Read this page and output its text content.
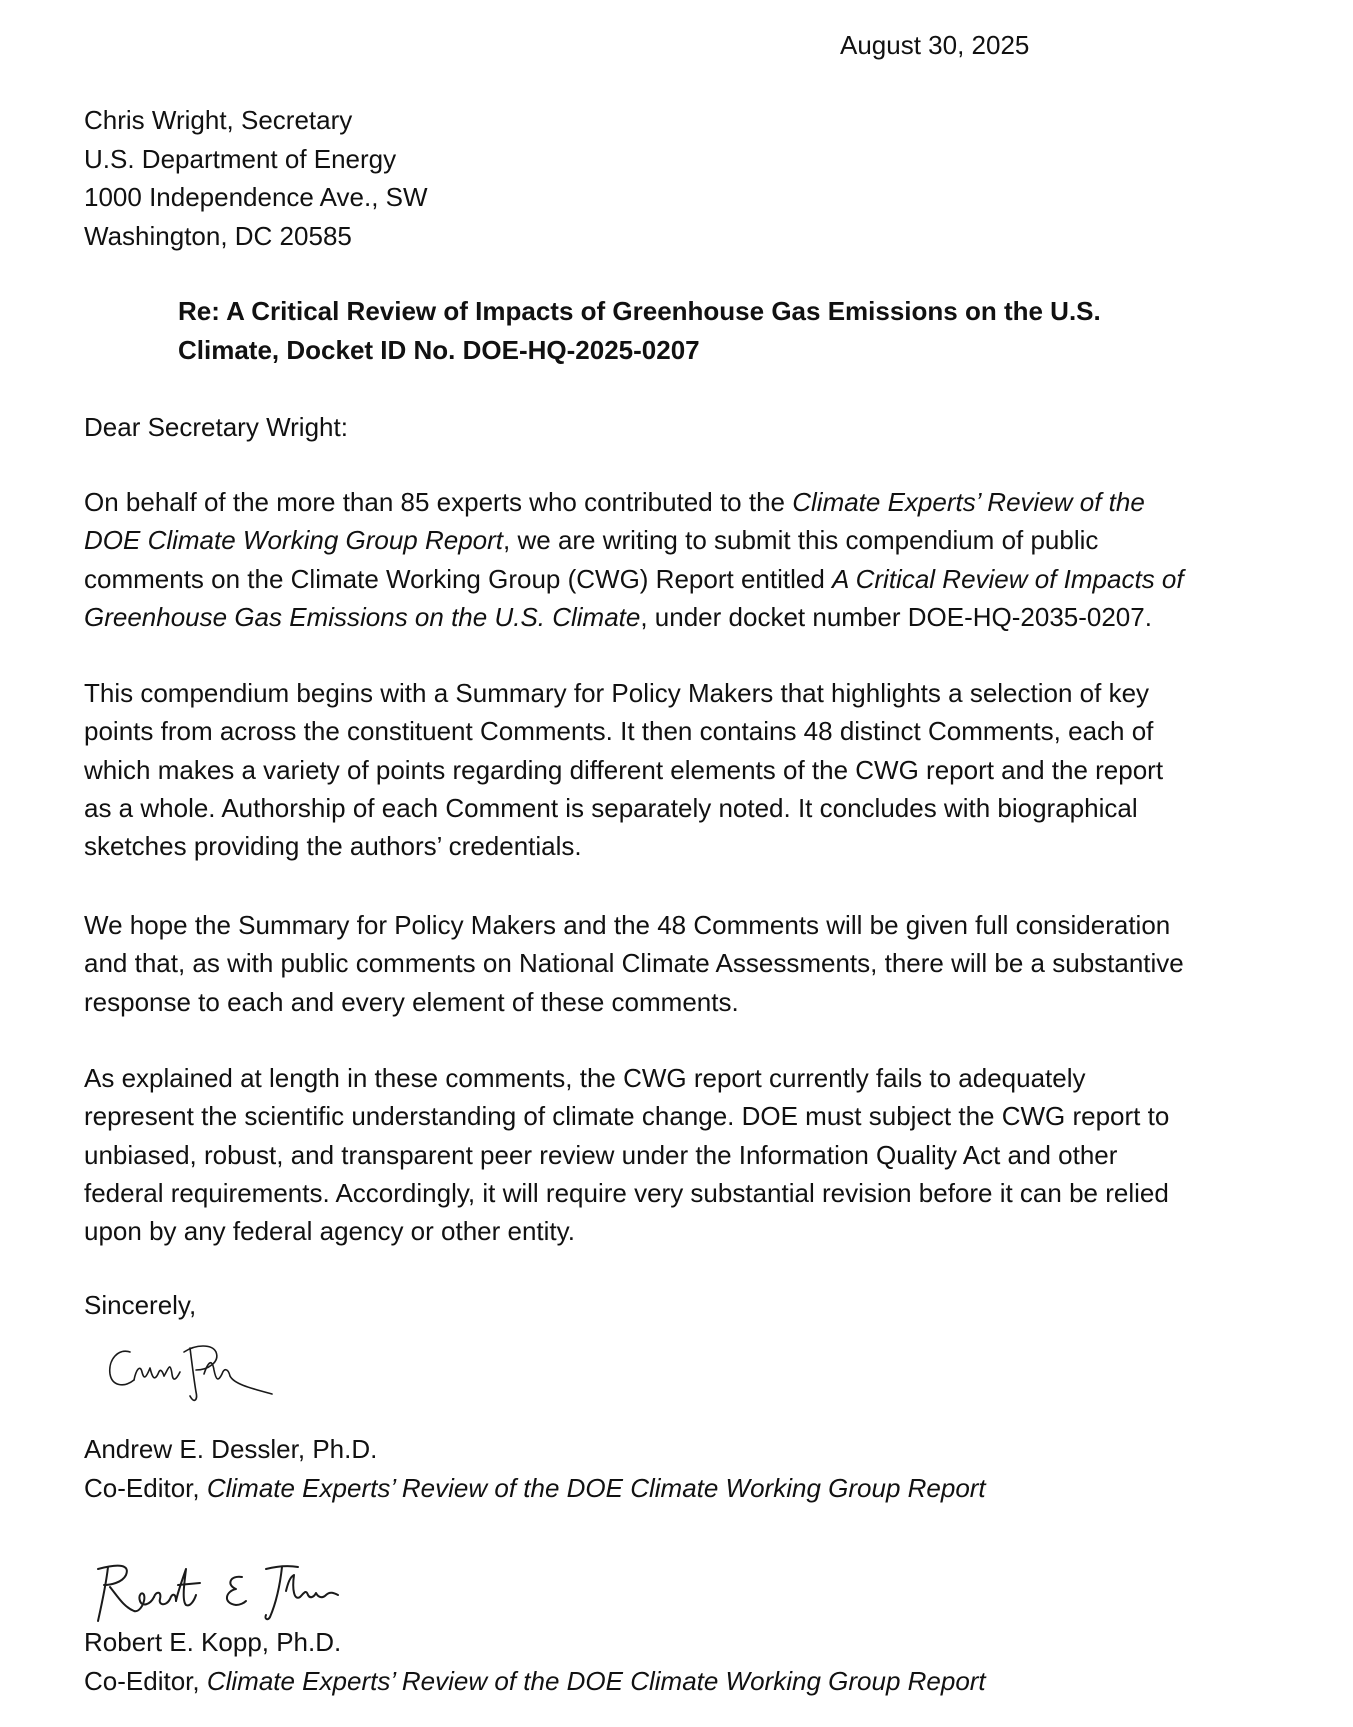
August 30, 2025
Chris Wright, Secretary
U.S. Department of Energy
1000 Independence Ave., SW
Washington, DC 20585
Re: A Critical Review of Impacts of Greenhouse Gas Emissions on the U.S.
Climate, Docket ID No. DOE-HQ-2025-0207
Dear Secretary Wright:
On behalf of the more than 85 experts who contributed to the Climate Experts’ Review of the
DOE Climate Working Group Report, we are writing to submit this compendium of public
comments on the Climate Working Group (CWG) Report entitled A Critical Review of Impacts of
Greenhouse Gas Emissions on the U.S. Climate, under docket number DOE-HQ-2035-0207.
This compendium begins with a Summary for Policy Makers that highlights a selection of key
points from across the constituent Comments. It then contains 48 distinct Comments, each of
which makes a variety of points regarding different elements of the CWG report and the report
as a whole. Authorship of each Comment is separately noted. It concludes with biographical
sketches providing the authors’ credentials.
We hope the Summary for Policy Makers and the 48 Comments will be given full consideration
and that, as with public comments on National Climate Assessments, there will be a substantive
response to each and every element of these comments.
As explained at length in these comments, the CWG report currently fails to adequately
represent the scientific understanding of climate change. DOE must subject the CWG report to
unbiased, robust, and transparent peer review under the Information Quality Act and other
federal requirements. Accordingly, it will require very substantial revision before it can be relied
upon by any federal agency or other entity.
Sincerely,
Andrew E. Dessler, Ph.D.
Co-Editor, Climate Experts’ Review of the DOE Climate Working Group Report
Robert E. Kopp, Ph.D.
Co-Editor, Climate Experts’ Review of the DOE Climate Working Group Report
